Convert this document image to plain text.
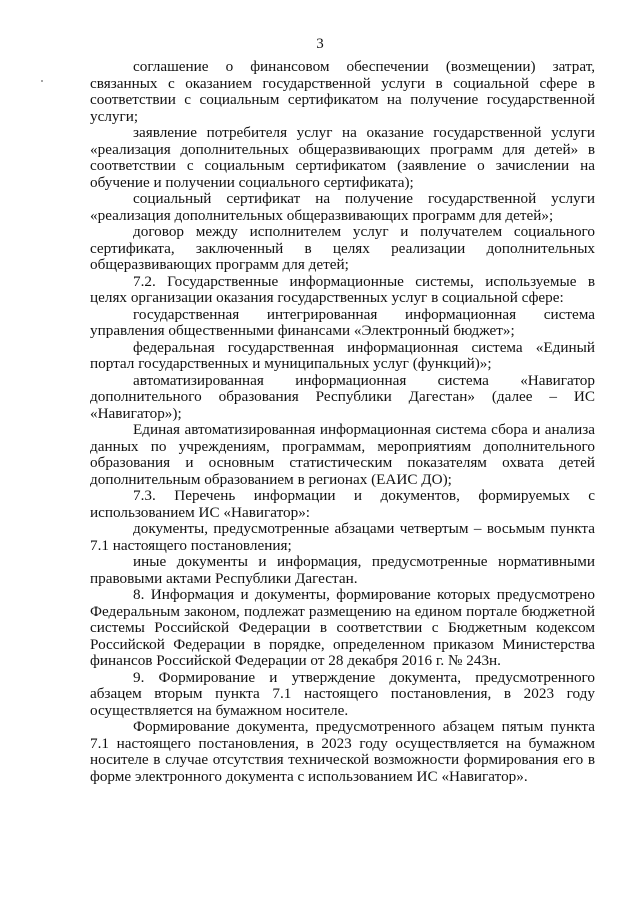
3

соглашение о финансовом обеспечении (возмещении) затрат, связанных с оказанием государственной услуги в социальной сфере в соответствии с социальным сертификатом на получение государственной услуги;

заявление потребителя услуг на оказание государственной услуги «реализация дополнительных общеразвивающих программ для детей» в соответствии с социальным сертификатом (заявление о зачислении на обучение и получении социального сертификата);

социальный сертификат на получение государственной услуги «реализация дополнительных общеразвивающих программ для детей»;

договор между исполнителем услуг и получателем социального сертификата, заключенный в целях реализации дополнительных общеразвивающих программ для детей;

7.2. Государственные информационные системы, используемые в целях организации оказания государственных услуг в социальной сфере:

государственная интегрированная информационная система управления общественными финансами «Электронный бюджет»;

федеральная государственная информационная система «Единый портал государственных и муниципальных услуг (функций)»;

автоматизированная информационная система «Навигатор дополнительного образования Республики Дагестан» (далее – ИС «Навигатор»);

Единая автоматизированная информационная система сбора и анализа данных по учреждениям, программам, мероприятиям дополнительного образования и основным статистическим показателям охвата детей дополнительным образованием в регионах (ЕАИС ДО);

7.3. Перечень информации и документов, формируемых с использованием ИС «Навигатор»:

документы, предусмотренные абзацами четвертым – восьмым пункта 7.1 настоящего постановления;

иные документы и информация, предусмотренные нормативными правовыми актами Республики Дагестан.

8. Информация и документы, формирование которых предусмотрено Федеральным законом, подлежат размещению на едином портале бюджетной системы Российской Федерации в соответствии с Бюджетным кодексом Российской Федерации в порядке, определенном приказом Министерства финансов Российской Федерации от 28 декабря 2016 г. № 243н.

9. Формирование и утверждение документа, предусмотренного абзацем вторым пункта 7.1 настоящего постановления, в 2023 году осуществляется на бумажном носителе.

Формирование документа, предусмотренного абзацем пятым пункта 7.1 настоящего постановления, в 2023 году осуществляется на бумажном носителе в случае отсутствия технической возможности формирования его в форме электронного документа с использованием ИС «Навигатор».
